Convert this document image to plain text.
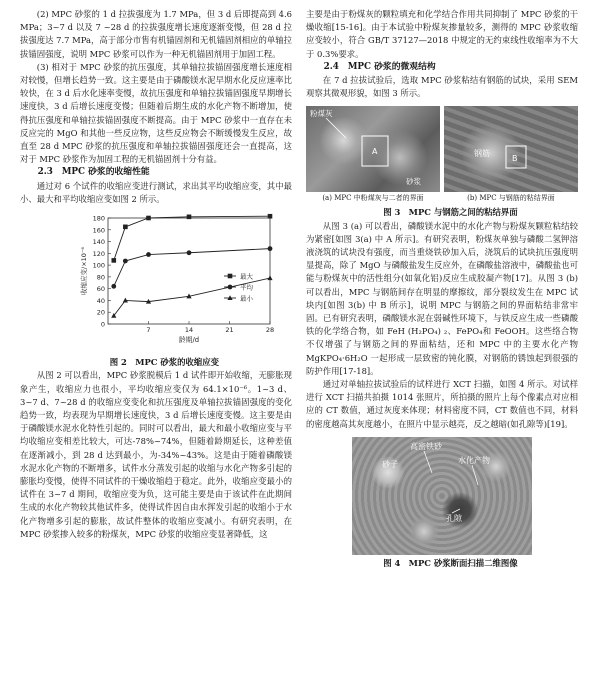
(2) MPC 砂浆的 1 d 拉拔强度为 1.7 MPa，但 3 d 后即提高到 4.6 MPa；3~7 d 以及 7 ~28 d 的拉拔强度增长速度逐渐变慢，但 28 d 拉拔强度达 7.7 MPa，高于部分市售有机锚固剂和无机锚固剂相应的单轴拉拔锚固强度，说明 MPC 砂浆可以作为一种无机锚固剂用于加固工程。

(3) 相对于 MPC 砂浆的抗压强度，其单轴拉拔锚固强度增长速度相对较慢，但增长趋势一致。这主要是由于磷酸镁水泥早期水化反应速率比较快，在 3 d 后水化速率变慢，故抗压强度和单轴拉拔锚固强度早期增长速度快，3 d 后增长速度变慢；但随着后期生成的水化产物不断增加，使得抗压强度和单轴拉拔锚固强度不断提高。由于 MPC 砂浆中一直存在未反应完的 MgO 和其他一些反应物，这些反应物会不断缓慢发生反应，故直至 28 d MPC 砂浆的抗压强度和单轴拉拔锚固强度还会一直提高，这对于 MPC 砂浆作为加固工程的无机锚固剂十分有益。

2.3　MPC 砂浆的收缩性能

通过对 6 个试件的收缩应变进行测试，求出其平均收缩应变，其中最小、最大和平均收缩应变如图 2 所示。

0
20
40
60
80
100
120
140
160
180
7	14	21	28
龄期/d
收缩应变/×10⁻⁶	最大
平均
最小

图 2　MPC 砂浆的收缩应变

从图 2 可以看出，MPC 砂浆脱模后 1 d 试件即开始收缩，无膨胀现象产生，收缩应力也很小，平均收缩应变仅为 64.1×10⁻⁶。1~3 d、3~7 d、7~28 d 的收缩应变变化和抗压强度及单轴拉拔锚固强度的变化趋势一致，均表现为早期增长速度快，3 d 后增长速度变慢。这主要是由于磷酸镁水泥水化特性引起的。同时可以看出，最大和最小收缩应变与平均收缩应变相差比较大，可达-78%~74%，但随着龄期延长，这种差值在逐渐减小，到 28 d 达到最小，为-34%~43%。这是由于随着磷酸镁水泥水化产物的不断增多，试件水分蒸发引起的收缩与水化产物多引起的膨胀均变慢，使得不同试件的干燥收缩趋于稳定。此外，收缩应变最小的试件在 3~7 d 期间，收缩应变为负，这可能主要是由于该试件在此期间生成的水化产物较其他试件多，使得试件因自由水挥发引起的收缩小于水化产物增多引起的膨胀，故试件整体的收缩应变减小。有研究表明，在 MPC 砂浆掺入较多的粉煤灰，MPC 砂浆的收缩应变显著降低，这

主要是由于粉煤灰的颗粒填充和化学结合作用共同抑制了 MPC 砂浆的干燥收缩[15-16]。由于本试验中粉煤灰掺量较多，测得的 MPC 砂浆收缩应变较小，符合 GB/T 37127—2018 中规定的无约束线性收缩率为不大于 0.3%要求。

2.4　MPC 砂浆的微观结构

在 7 d 拉拔试验后，选取 MPC 砂浆粘结有钢筋的试块，采用 SEM 观察其微观形貌，如图 3 所示。

粉煤灰
A
砂浆
(a) MPC 中粉煤灰与二者的界面
钢筋
B
(b) MPC 与钢筋的粘结界面

图 3　MPC 与钢筋之间的粘结界面

从图 3 (a) 可以看出，磷酸镁水泥中的水化产物与粉煤灰颗粒粘结较为紧密[如图 3(a) 中 A 所示]。有研究表明，粉煤灰单独与磷酸二氢钾溶液浇筑的试块没有强度，而当重烧铁砂加入后，浇筑后的试块抗压强度明显提高，除了 MgO 与磷酸盐发生反应外，在磷酸盐溶液中，磷酸盐也可能与粉煤灰中的活性组分(如氧化铝)反应生成胶凝产物[17]。从图 3 (b) 可以看出，MPC 与钢筋间存在明显的摩擦纹，部分裂纹发生在 MPC 试块内[如图 3(b) 中 B 所示]，说明 MPC 与钢筋之间的界面粘结非常牢固。已有研究表明，磷酸镁水泥在弱碱性环境下，与铁反应生成一些磷酸铁的化学络合物，如 FeH (H₂PO₄) ₂、FePO₄和 FeOOH。这些络合物不仅增强了与钢筋之间的界面粘结，还和 MPC 中的主要水化产物 MgKPO₄·6H₂O 一起形成一层致密的钝化膜，对钢筋的锈蚀起到很强的防护作用[17-18]。

通过对单轴拉拔试验后的试样进行 XCT 扫描，如图 4 所示。对试样进行 XCT 扫描共拍摄 1014 张照片，所拍摄的照片上每个像素点对应相应的 CT 数值，通过灰度来体现；材料密度不同，CT 数值也不同，材料的密度越高其灰度越小，在照片中显示越亮，反之越暗(如孔隙等)[19]。

高密铁砂
砂子	水化产物
孔隙

图 4　MPC 砂浆断面扫描二维图像
